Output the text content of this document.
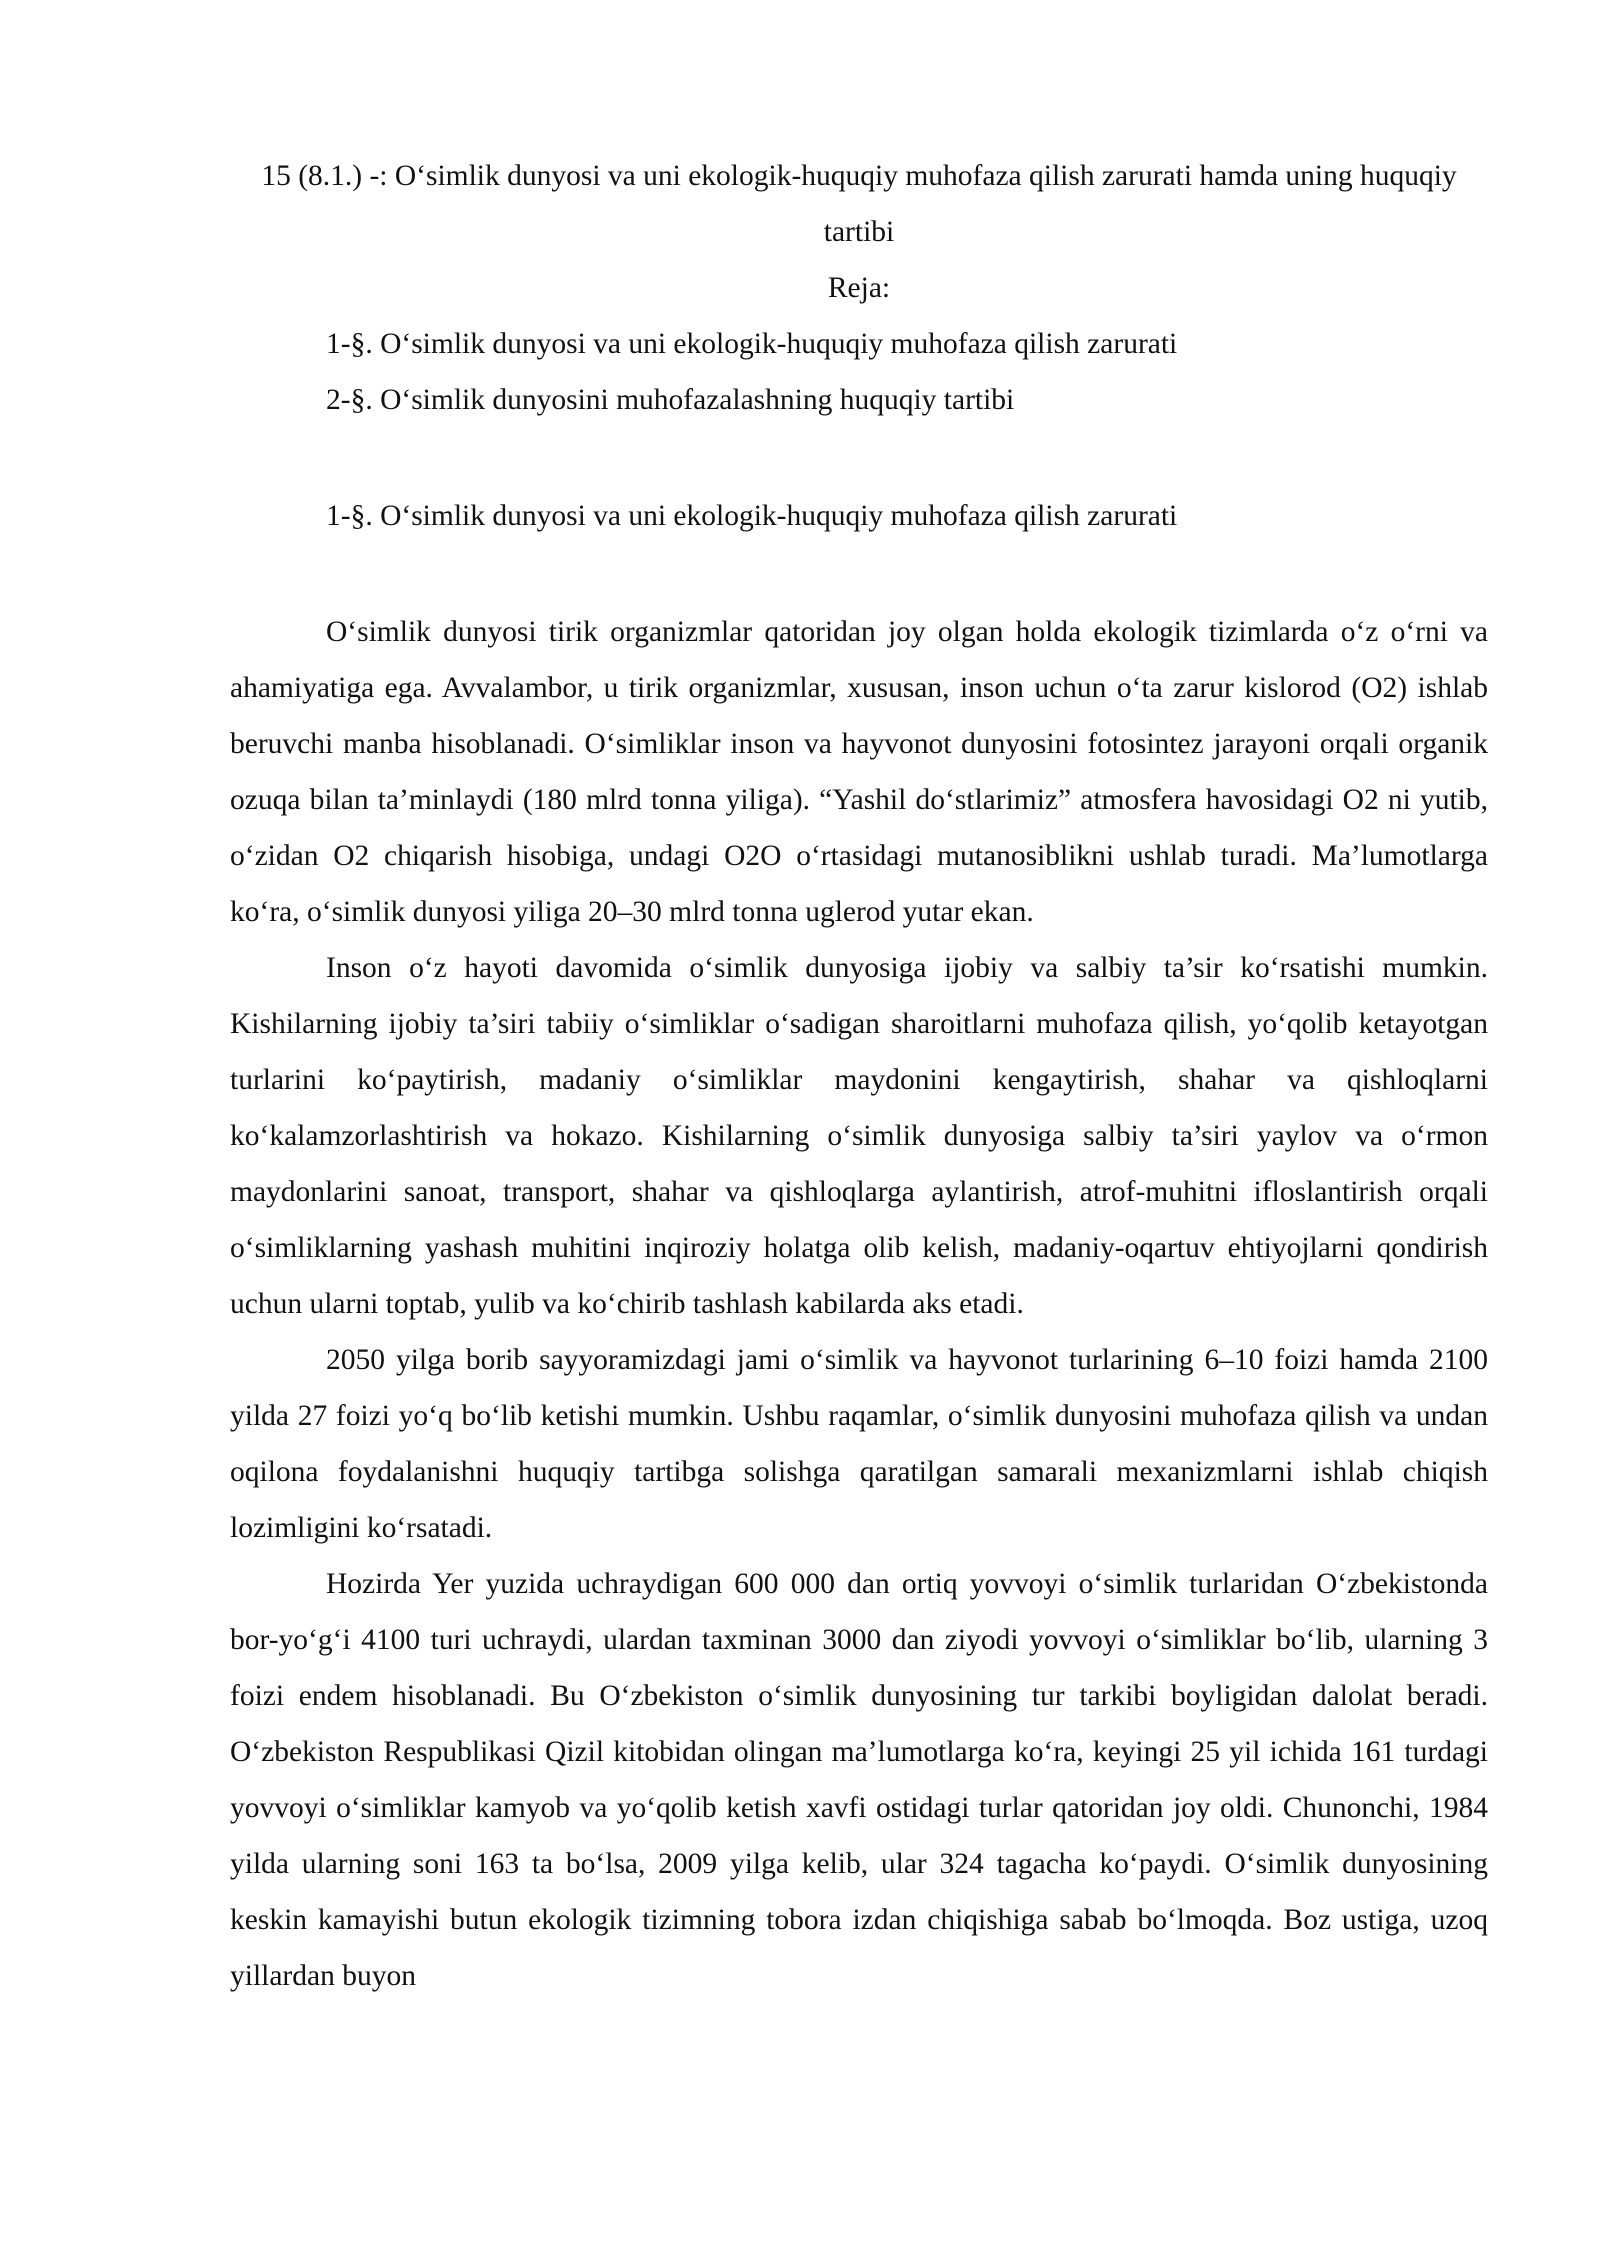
15 (8.1.) -: O‘simlik dunyosi va uni ekologik-huquqiy muhofaza qilish zarurati hamda uning huquqiy tartibi

Reja:

1-§. O‘simlik dunyosi va uni ekologik-huquqiy muhofaza qilish zarurati

2-§. O‘simlik dunyosini muhofazalashning huquqiy tartibi

1-§. O‘simlik dunyosi va uni ekologik-huquqiy muhofaza qilish zarurati

O‘simlik dunyosi tirik organizmlar qatoridan joy olgan holda ekologik tizimlarda o‘z o‘rni va ahamiyatiga ega. Avvalambor, u tirik organizmlar, xususan, inson uchun o‘ta zarur kislorod (O2) ishlab beruvchi manba hisoblanadi. O‘simliklar inson va hayvonot dunyosini fotosintez jarayoni orqali organik ozuqa bilan ta’minlaydi (180 mlrd tonna yiliga). “Yashil do‘stlarimiz” atmosfera havosidagi O2 ni yutib, o‘zidan O2 chiqarish hisobiga, undagi O2O o‘rtasidagi mutanosiblikni ushlab turadi. Ma’lumotlarga ko‘ra, o‘simlik dunyosi yiliga 20–30 mlrd tonna uglerod yutar ekan.

Inson o‘z hayoti davomida o‘simlik dunyosiga ijobiy va salbiy ta’sir ko‘rsatishi mumkin. Kishilarning ijobiy ta’siri tabiiy o‘simliklar o‘sadigan sharoitlarni muhofaza qilish, yo‘qolib ketayotgan turlarini ko‘paytirish, madaniy o‘simliklar maydonini kengaytirish, shahar va qishloqlarni ko‘kalamzorlashtirish va hokazo. Kishilarning o‘simlik dunyosiga salbiy ta’siri yaylov va o‘rmon maydonlarini sanoat, transport, shahar va qishloqlarga aylantirish, atrof-muhitni ifloslantirish orqali o‘simliklarning yashash muhitini inqiroziy holatga olib kelish, madaniy-oqartuv ehtiyojlarni qondirish uchun ularni toptab, yulib va ko‘chirib tashlash kabilarda aks etadi.

2050 yilga borib sayyoramizdagi jami o‘simlik va hayvonot turlarining 6–10 foizi hamda 2100 yilda 27 foizi yo‘q bo‘lib ketishi mumkin. Ushbu raqamlar, o‘simlik dunyosini muhofaza qilish va undan oqilona foydalanishni huquqiy tartibga solishga qaratilgan samarali mexanizmlarni ishlab chiqish lozimligini ko‘rsatadi.

Hozirda Yer yuzida uchraydigan 600 000 dan ortiq yovvoyi o‘simlik turlaridan O‘zbekistonda bor-yo‘g‘i 4100 turi uchraydi, ulardan taxminan 3000 dan ziyodi yovvoyi o‘simliklar bo‘lib, ularning 3 foizi endem hisoblanadi. Bu O‘zbekiston o‘simlik dunyosining tur tarkibi boyligidan dalolat beradi. O‘zbekiston Respublikasi Qizil kitobidan olingan ma’lumotlarga ko‘ra, keyingi 25 yil ichida 161 turdagi yovvoyi o‘simliklar kamyob va yo‘qolib ketish xavfi ostidagi turlar qatoridan joy oldi. Chunonchi, 1984 yilda ularning soni 163 ta bo‘lsa, 2009 yilga kelib, ular 324 tagacha ko‘paydi. O‘simlik dunyosining keskin kamayishi butun ekologik tizimning tobora izdan chiqishiga sabab bo‘lmoqda. Boz ustiga, uzoq yillardan buyon
